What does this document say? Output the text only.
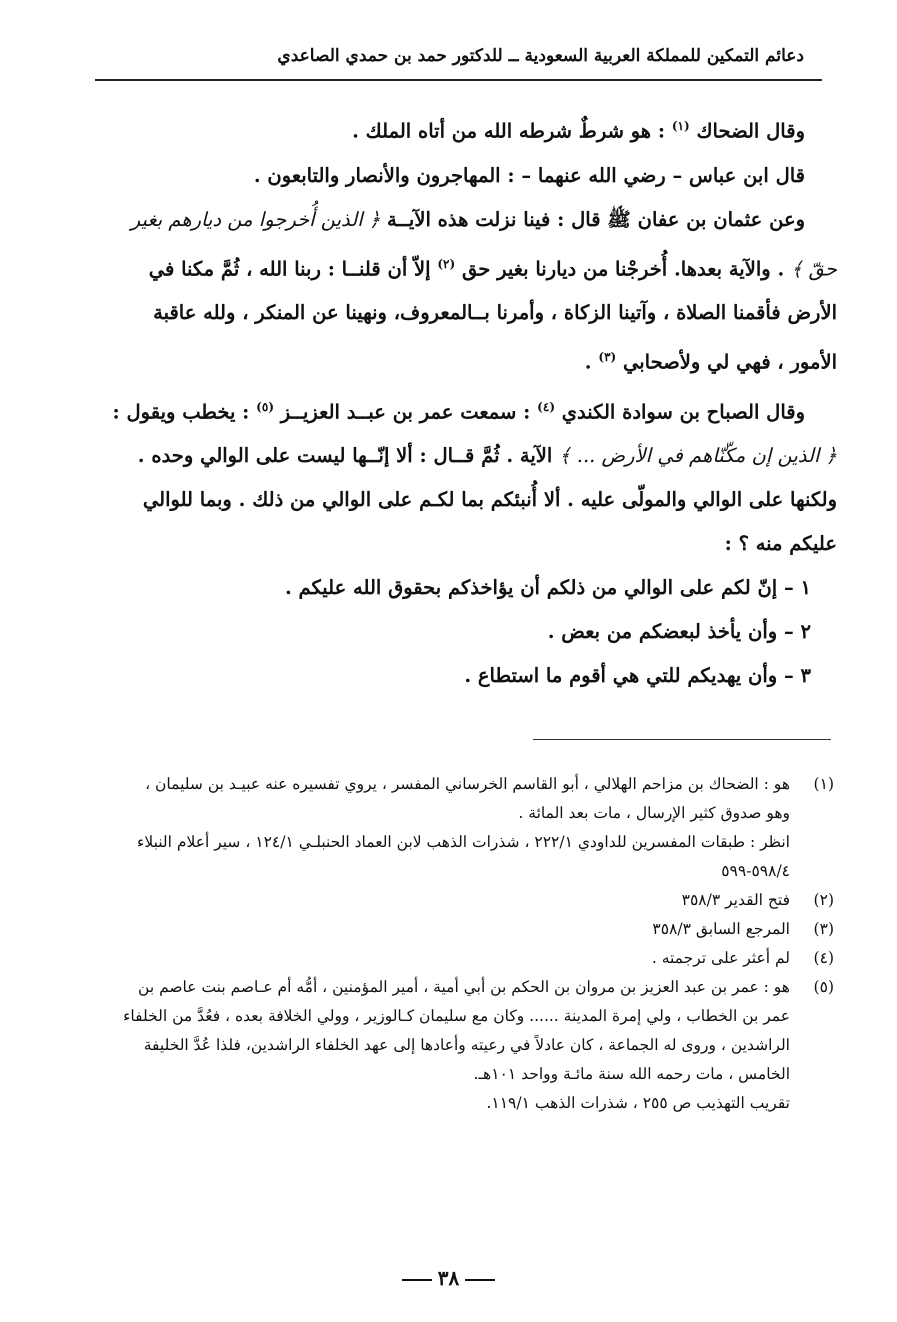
دعائم التمكين للمملكة العربية السعودية ــ للدكتور حمد بن حمدي الصاعدي

وقال الضحاك $^{(١)}$ : هو شرطٌ شرطه الله من أتاه الملك .

قال ابن عباس – رضي الله عنهما – : المهاجرون والأنصار والتابعون .

وعن عثمان بن عفان ﷺ قال : فينا نزلت هذه الآيــة ﴿ الذين أُخرجوا من ديارهم بغير حقّ ﴾ . والآية بعدها. أُخرجْنا من ديارنا بغير حق $^{(٢)}$ إلاّ أن قلنــا : ربنا الله ، ثُمَّ مكنا في الأرض فأقمنا الصلاة ، وآتينا الزكاة ، وأمرنا بــالمعروف، ونهينا عن المنكر ، ولله عاقبة الأمور ، فهي لي ولأصحابي $^{(٣)}$ .

وقال الصباح بن سوادة الكندي $^{(٤)}$ : سمعت عمر بن عبــد العزيــز $^{(٥)}$ : يخطب ويقول : ﴿ الذين إن مكّنّاهم في الأرض ... ﴾ الآية . ثُمَّ قــال : ألا إنّــها ليست على الوالي وحده . ولكنها على الوالي والمولّى عليه . ألا أُنبئكم بما لكـم على الوالي من ذلك . وبما للوالي عليكم منه ؟ :

١ – إنّ لكم على الوالي من ذلكم أن يؤاخذكم بحقوق الله عليكم .

٢ – وأن يأخذ لبعضكم من بعض .

٣ – وأن يهديكم للتي هي أقوم ما استطاع .

(١)
هو : الضحاك بن مزاحم الهلالي ، أبو القاسم الخرساني المفسر ، يروي تفسيره عنه عبيـد بن سليمان ، وهو صدوق كثير الإرسال ، مات بعد المائة .

انظر : طبقات المفسرين للداودي ٢٢٢/١ ، شذرات الذهب لابن العماد الحنبلـي ١٢٤/١ ، سير أعلام النبلاء ٥٩٨/٤-٥٩٩

(٢)
فتح القدير ٣٥٨/٣

(٣)
المرجع السابق ٣٥٨/٣

(٤)
لم أعثر على ترجمته .

(٥)
هو : عمر بن عبد العزيز بن مروان بن الحكم بن أبي أمية ، أمير المؤمنين ، أمُّه أم عـاصم بنت عاصم بن عمر بن الخطاب ، ولي إمرة المدينة ...... وكان مع سليمان كـالوزير ، وولي الخلافة بعده ، فعُدَّ من الخلفاء الراشدين ، وروى له الجماعة ، كان عادلاً في رعيته وأعادها إلى عهد الخلفاء الراشدين، فلذا عُدَّ الخليفة الخامس ، مات رحمه الله سنة مائـة وواحد ١٠١هـ.

تقريب التهذيب ص ٢٥٥ ، شذرات الذهب ١١٩/١.

٣٨
